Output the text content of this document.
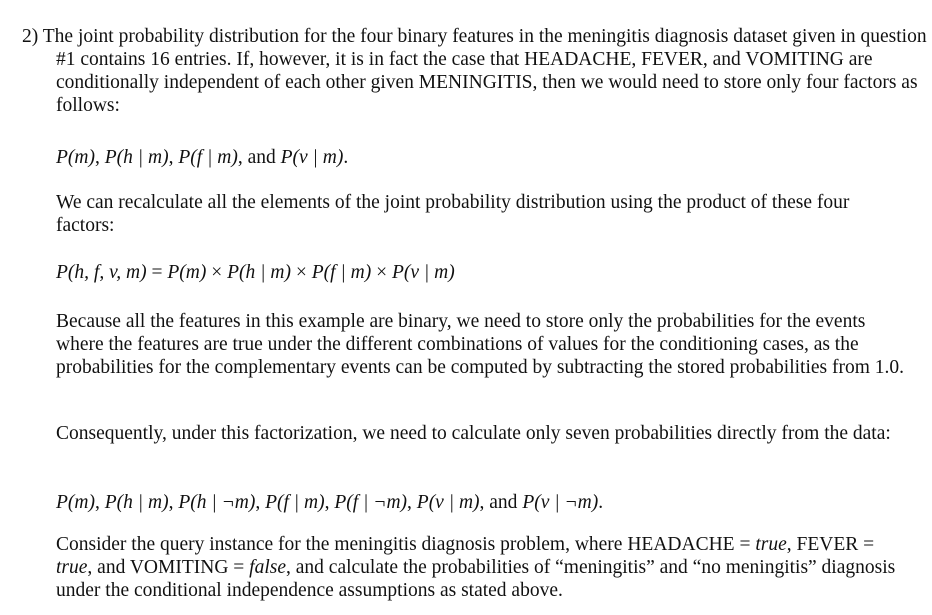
2) The joint probability distribution for the four binary features in the meningitis diagnosis dataset given in question #1 contains 16 entries. If, however, it is in fact the case that HEADACHE, FEVER, and VOMITING are conditionally independent of each other given MENINGITIS, then we would need to store only four factors as follows:

P(m), P(h | m), P(f | m), and P(v | m).

We can recalculate all the elements of the joint probability distribution using the product of these four factors:

P(h, f, v, m) = P(m) × P(h | m) × P(f | m) × P(v | m)

Because all the features in this example are binary, we need to store only the probabilities for the events where the features are true under the different combinations of values for the conditioning cases, as the probabilities for the complementary events can be computed by subtracting the stored probabilities from 1.0.

Consequently, under this factorization, we need to calculate only seven probabilities directly from the data:

P(m), P(h | m), P(h | ¬m), P(f | m), P(f | ¬m), P(v | m), and P(v | ¬m).

Consider the query instance for the meningitis diagnosis problem, where HEADACHE = true, FEVER = true, and VOMITING = false, and calculate the probabilities of “meningitis” and “no meningitis” diagnosis under the conditional independence assumptions as stated above.
